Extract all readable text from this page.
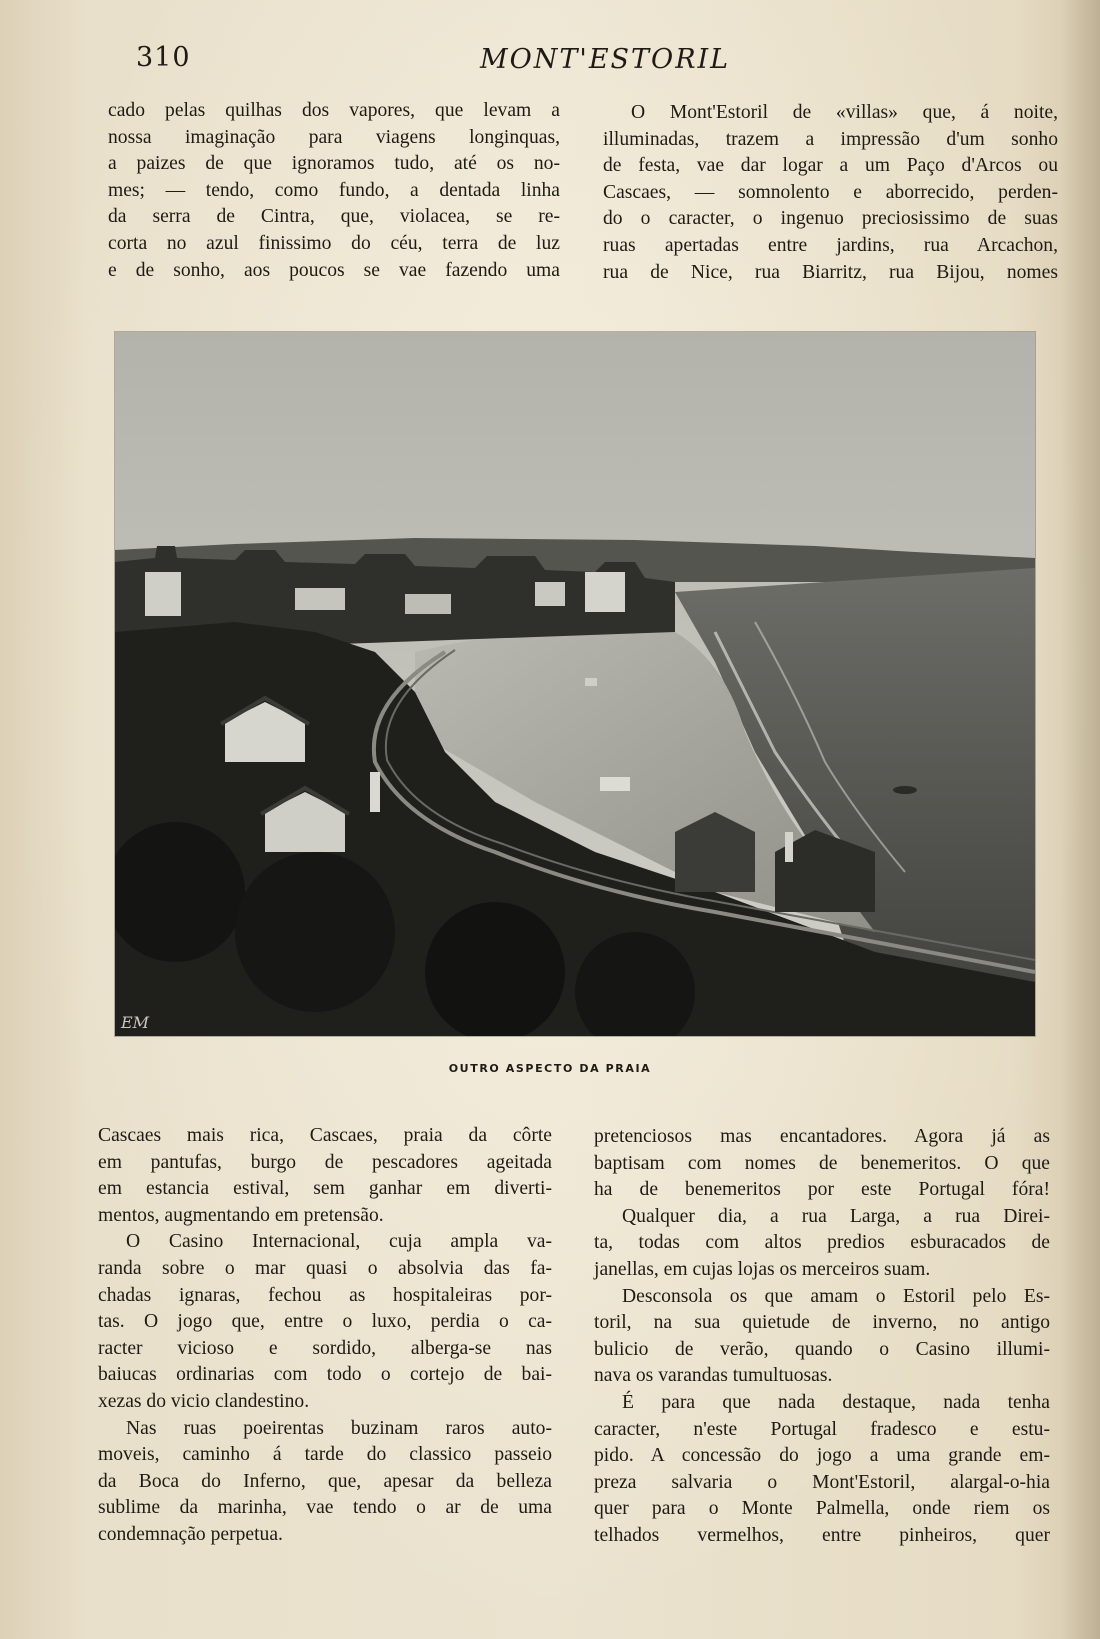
310	MONT'ESTORIL
cado pelas quilhas dos vapores, que levam a
nossa imaginação para viagens longinquas,
a paizes de que ignoramos tudo, até os no-
mes; — tendo, como fundo, a dentada linha
da serra de Cintra, que, violacea, se re-
corta no azul finissimo do céu, terra de luz
e de sonho, aos poucos se vae fazendo uma
O Mont'Estoril de «villas» que, á noite,
illuminadas, trazem a impressão d'um sonho
de festa, vae dar logar a um Paço d'Arcos ou
Cascaes, — somnolento e aborrecido, perden-
do o caracter, o ingenuo preciosissimo de suas
ruas apertadas entre jardins, rua Arcachon,
rua de Nice, rua Biarritz, rua Bijou, nomes
EM
OUTRO ASPECTO DA PRAIA
Cascaes mais rica, Cascaes, praia da côrte
em pantufas, burgo de pescadores ageitada
em estancia estival, sem ganhar em diverti-
mentos, augmentando em pretensão.
O Casino Internacional, cuja ampla va-
randa sobre o mar quasi o absolvia das fa-
chadas ignaras, fechou as hospitaleiras por-
tas. O jogo que, entre o luxo, perdia o ca-
racter vicioso e sordido, alberga-se nas
baiucas ordinarias com todo o cortejo de bai-
xezas do vicio clandestino.
Nas ruas poeirentas buzinam raros auto-
moveis, caminho á tarde do classico passeio
da Boca do Inferno, que, apesar da belleza
sublime da marinha, vae tendo o ar de uma
condemnação perpetua.
pretenciosos mas encantadores. Agora já as
baptisam com nomes de benemeritos. O que
ha de benemeritos por este Portugal fóra!
Qualquer dia, a rua Larga, a rua Direi-
ta, todas com altos predios esburacados de
janellas, em cujas lojas os merceiros suam.
Desconsola os que amam o Estoril pelo Es-
toril, na sua quietude de inverno, no antigo
bulicio de verão, quando o Casino illumi-
nava os varandas tumultuosas.
É para que nada destaque, nada tenha
caracter, n'este Portugal fradesco e estu-
pido. A concessão do jogo a uma grande em-
preza salvaria o Mont'Estoril, alargal-o-hia
quer para o Monte Palmella, onde riem os
telhados vermelhos, entre pinheiros, quer
